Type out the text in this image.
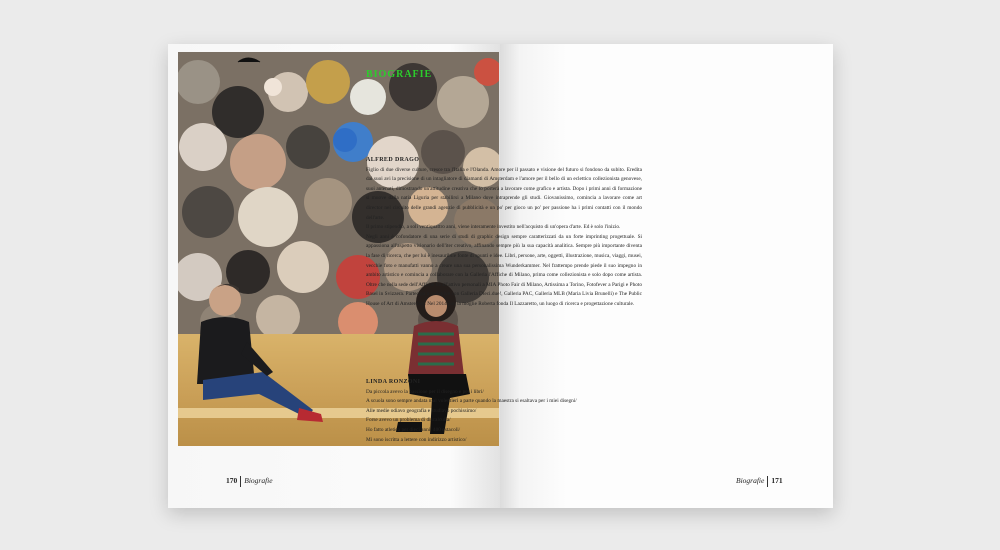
170 Biografie
BIOGRAFIE

ALFRED DRAGO

Figlio di due diverse culture, cresce tra l'Italia e l'Olanda. Amore per il passato e visione del futuro si fondono da subito. Eredita dai suoi avi la precisione di un intagliatore di diamanti di Amsterdam e l'amore per il bello di un eclettico collezionista genovese, suoi antenati, dimostrando un'attitudine creativa che lo porterà a lavorare come grafico e artista. Dopo i primi anni di formazione si muove dalla natia Liguria per stabilirsi a Milano dove intraprende gli studi. Giovanissimo, comincia a lavorare come art director nel circuito delle grandi agenzie di pubblicità e un po' per gioco un po' per passione ha i primi contatti con il mondo dell'arte.

Il primo stipendio, a soli ventiquattro anni, viene interamente investito nell'acquisto di un'opera d'arte. Ed è solo l'inizio.

Negli anni è cofondatore di una serie di studi di graphic design sempre caratterizzati da un forte imprinting progettuale. Si appassiona all'aspetto visionario dell'iter creativo, affinando sempre più la sua capacità analitica. Sempre più importante diventa la fase di ricerca, che per lui è inesauribile fonte di spunti e idee. Libri, persone, arte, oggetti, illustrazione, musica, viaggi, musei, vecchie foto e manufatti vanno a creare una sua personalissima Wunderkammer. Nel frattempo prende piede il suo impegno in ambito artistico e comincia a collaborare con la Galleria l'Affiche di Milano, prima come collezionista e solo dopo come artista. Oltre che nella sede dell'Affiche ha all'attivo personali a MIA Photo Fair di Milano, Artissima a Torino, Fotofever a Parigi e Photo Basel in Svizzera. Partecipa a collettive con Galleria Dieci.due!, Galleria PAC, Galleria MLB (Maria Livia Brunelli) e The Public House of Art di Amsterdam. Nel 2014 con la moglie Roberta fonda Il Lazzaretto, un luogo di ricerca e progettazione culturale.

LINDA RONZONI

Da piccola avevo la passione per il disegno e per i libri/

A scuola sono sempre andata mal volentieri a parte quando la maestra si esaltava per i miei disegni/

Alle medie odiavo geografia e studiavo pochissimo/

Forse avevo un problema di discalculia/

Ho fatto atletica per dieci anni, 400 ostacoli/

Mi sono iscritta a lettere con indirizzo artistico/

Biografie 171
